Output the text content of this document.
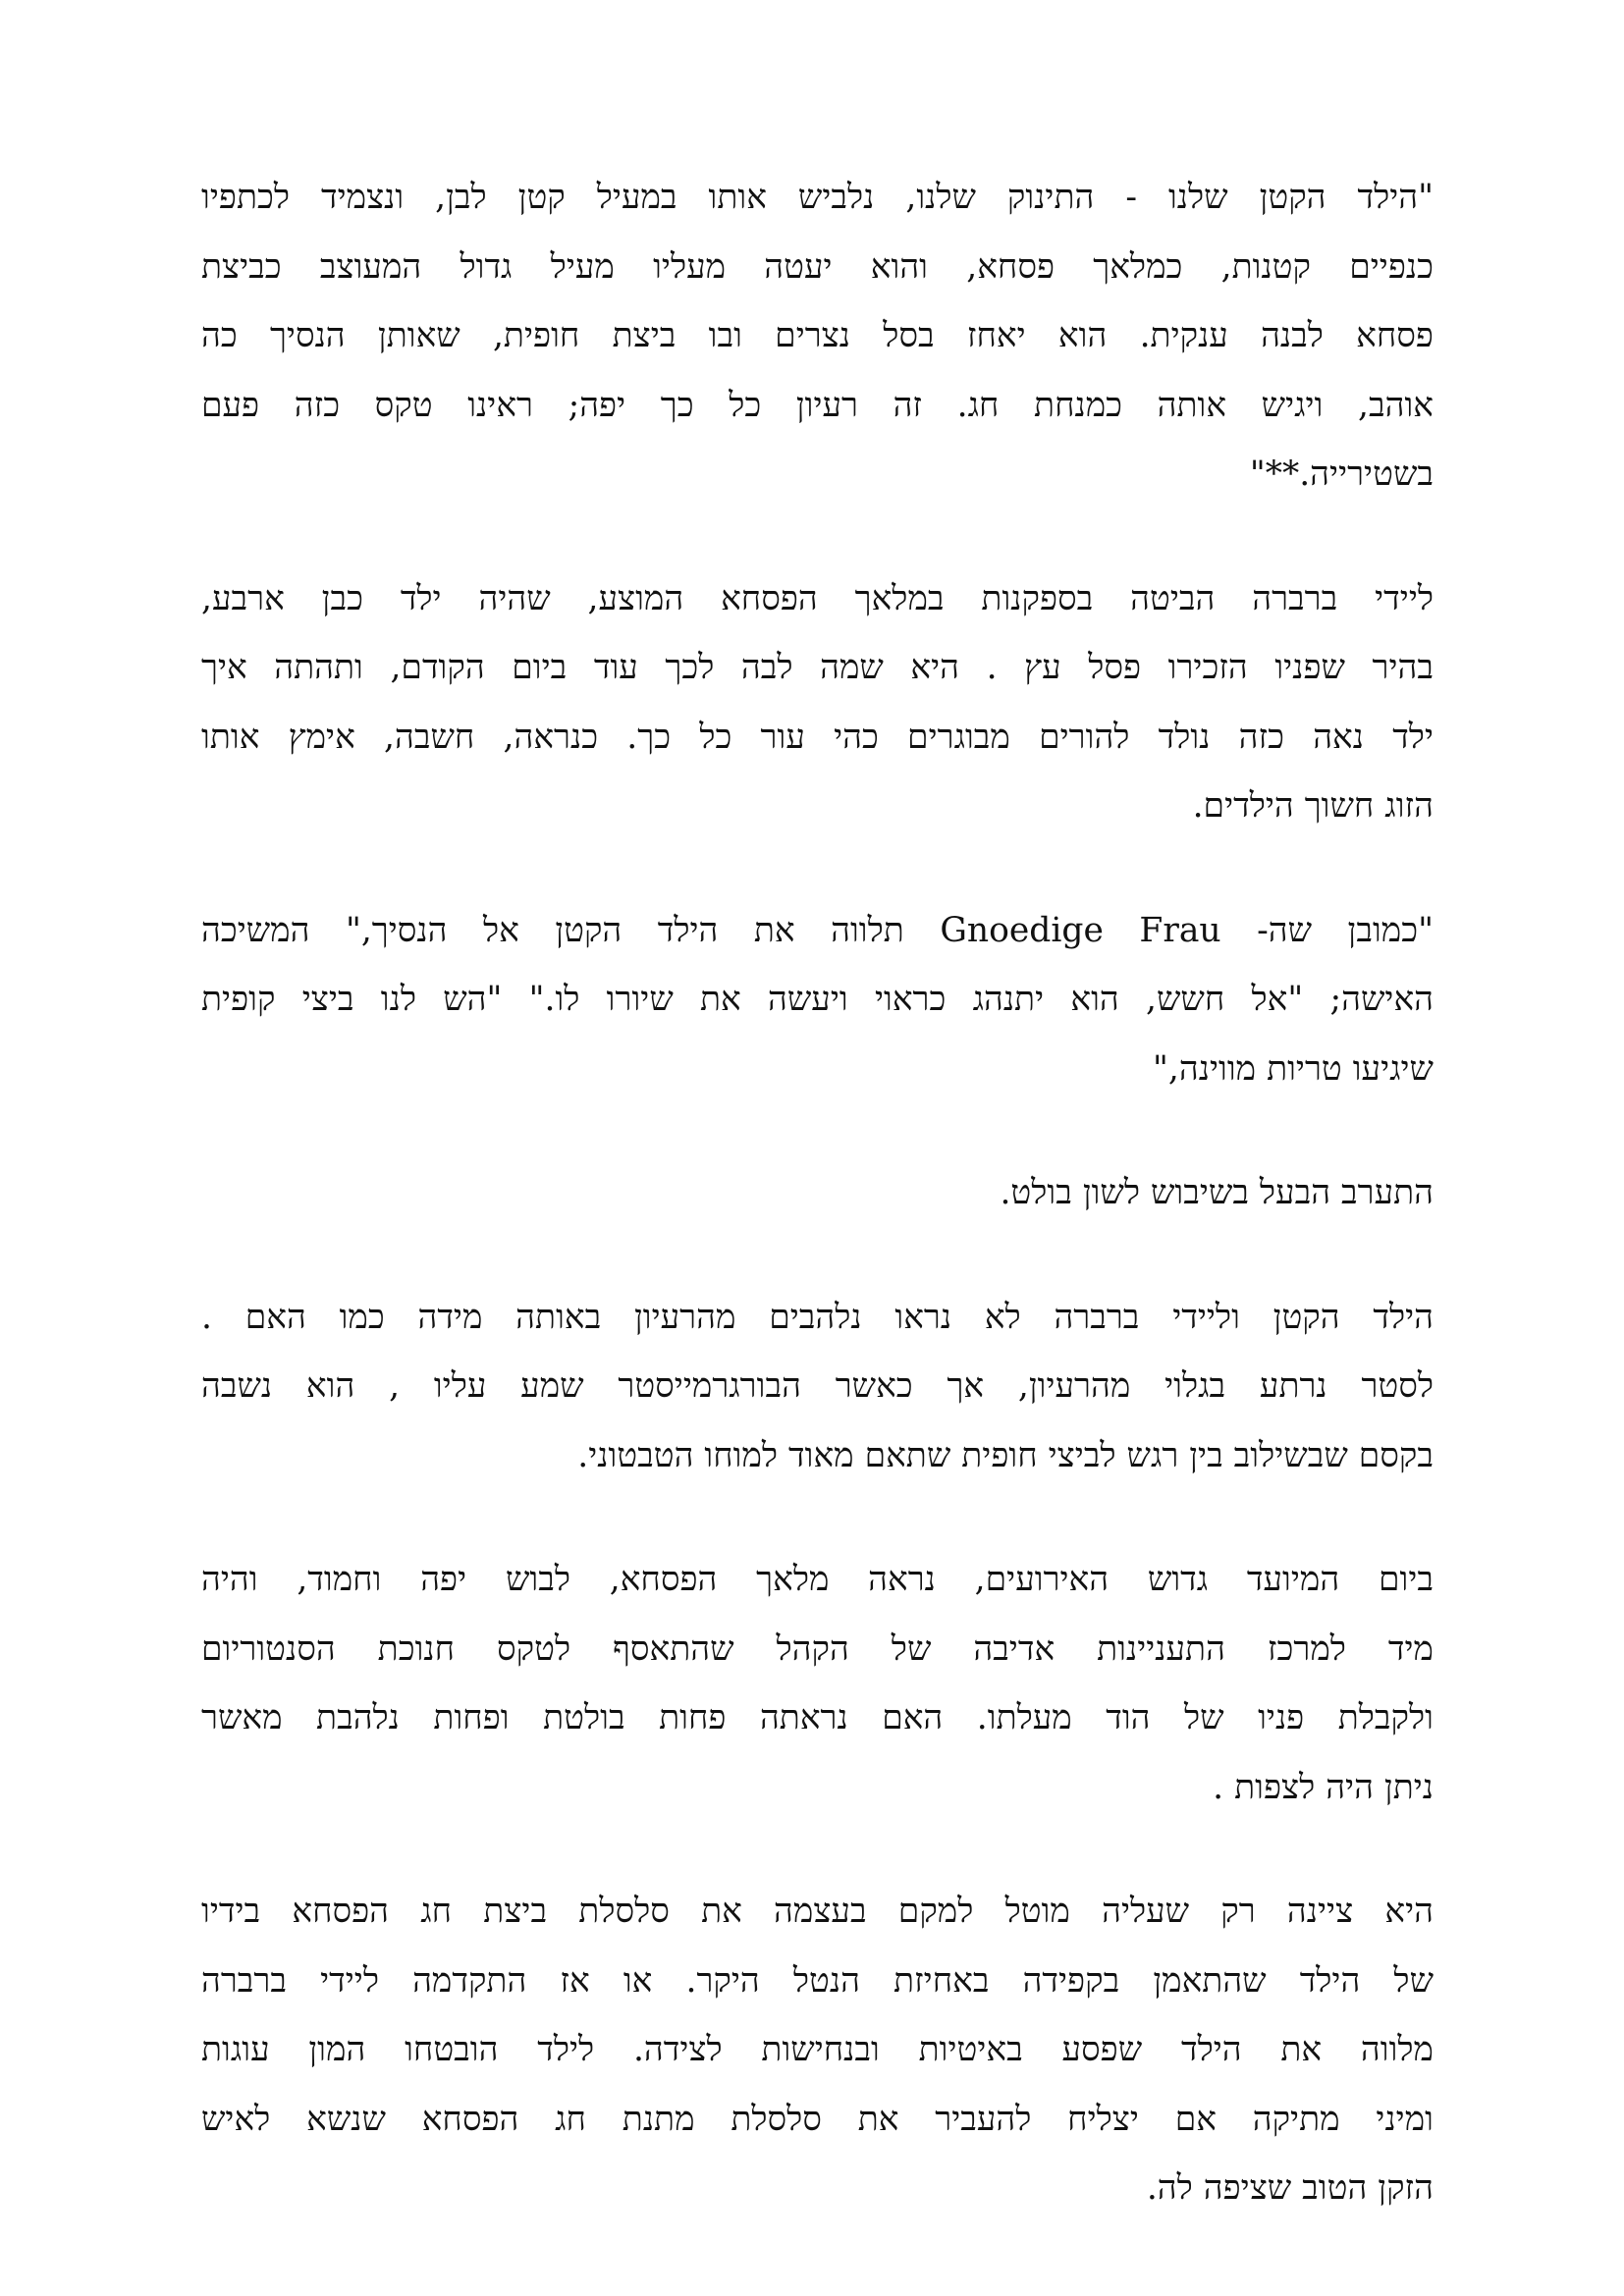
"הילד הקטן שלנו - התינוק שלנו, נלביש אותו במעיל קטן לבן, ונצמיד לכתפיו
כנפיים קטנות, כמלאך פסחא, והוא יעטה מעליו מעיל גדול המעוצב כביצת
פסחא לבנה ענקית. הוא יאחז בסל נצרים ובו ביצת חופית, שאותן הנסיך כה
אוהב, ויגיש אותה כמנחת חג. זה רעיון כל כך יפה; ראינו טקס כזה פעם
בשטירייה.**"
ליידי ברברה הביטה בספקנות במלאך הפסחא המוצע, שהיה ילד כבן ארבע,
בהיר שפניו הזכירו פסל עץ . היא שמה לבה לכך עוד ביום הקודם, ותהתה איך
ילד נאה כזה נולד להורים מבוגרים כהי עור כל כך. כנראה, חשבה, אימץ אותו
הזוג חשוך הילדים.
"כמובן שה- Gnoedige Frau תלווה את הילד הקטן אל הנסיך," המשיכה
האישה; "אל חשש, הוא יתנהג כראוי ויעשה את שיורו לו." "הש לנו ביצי קופית
שיגיעו טריות מווינה,"
התערב הבעל בשיבוש לשון בולט.
הילד הקטן וליידי ברברה לא נראו נלהבים מהרעיון באותה מידה כמו האם .
לסטר נרתע בגלוי מהרעיון, אך כאשר הבורגרמייסטר שמע עליו , הוא נשבה
בקסם שבשילוב בין רגש לביצי חופית שתאם מאוד למוחו הטבטוני.
ביום המיועד גדוש האירועים, נראה מלאך הפסחא, לבוש יפה וחמוד, והיה
מיד למרכז התעניינות אדיבה של הקהל שהתאסף לטקס חנוכת הסנטוריום
ולקבלת פניו של הוד מעלתו. האם נראתה פחות בולטת ופחות נלהבת מאשר
ניתן היה לצפות .
היא ציינה רק שעליה מוטל למקם בעצמה את סלסלת ביצת חג הפסחא בידיו
של הילד שהתאמן בקפידה באחיזת הנטל היקר. או אז התקדמה ליידי ברברה
מלווה את הילד שפסע באיטיות ובנחישות לצידה. לילד הובטחו המון עוגות
ומיני מתיקה אם יצליח להעביר את סלסלת מתנת חג הפסחא שנשא לאיש
הזקן הטוב שציפה לה.
